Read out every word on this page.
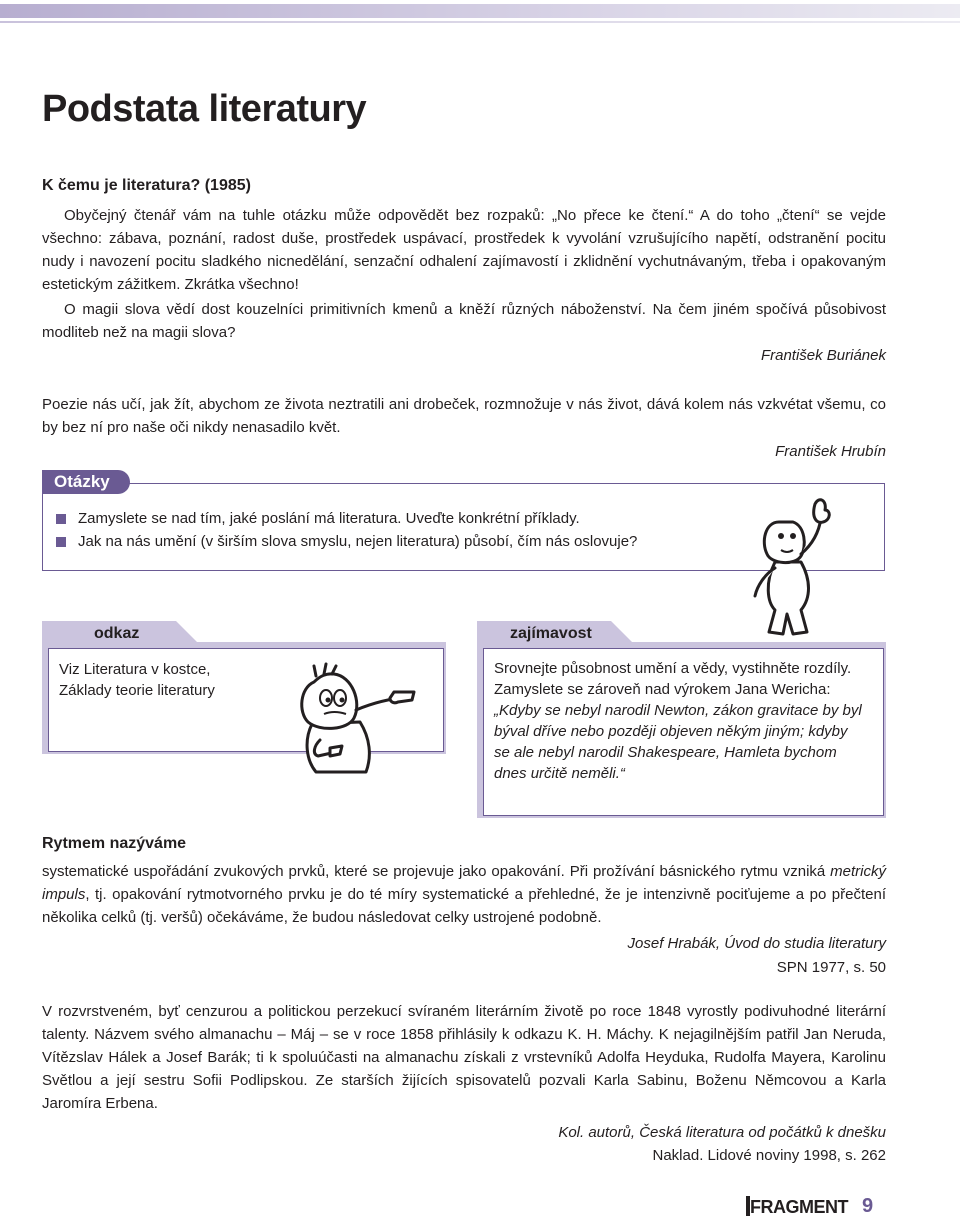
Podstata literatury
K čemu je literatura? (1985)

Obyčejný čtenář vám na tuhle otázku může odpovědět bez rozpaků: „No přece ke čtení.“ A do toho „čtení“ se vejde všechno: zábava, poznání, radost duše, prostředek uspávací, prostředek k vyvolání vzrušujícího napětí, odstranění pocitu nudy i navození pocitu sladkého nicnedělání, senzační odhalení zajímavostí i zklidnění vychutnávaným, třeba i opakovaným estetickým zážitkem. Zkrátka všechno!

O magii slova vědí dost kouzelníci primitivních kmenů a kněží různých náboženství. Na čem jiném spočívá působivost modliteb než na magii slova?

František Buriánek

Poezie nás učí, jak žít, abychom ze života neztratili ani drobeček, rozmnožuje v nás život, dává kolem nás vzkvétat všemu, co by bez ní pro naše oči nikdy nenasadilo květ.

František Hrubín

Otázky
Zamyslete se nad tím, jaké poslání má literatura. Uveďte konkrétní příklady.
Jak na nás umění (v širším slova smyslu, nejen literatura) působí, čím nás oslovuje?
odkaz
Viz Literatura v kostce,
Základy teorie literatury
zajímavost
Srovnejte působnost umění a vědy, vystihněte rozdíly. Zamyslete se zároveň nad výrokem Jana Wericha: „Kdyby se nebyl narodil Newton, zákon gravitace by byl býval dříve nebo později objeven někým jiným; kdyby se ale nebyl narodil Shakespeare, Hamleta bychom dnes určitě neměli.“
Rytmem nazýváme

systematické uspořádání zvukových prvků, které se projevuje jako opakování. Při prožívání básnického rytmu vzniká metrický impuls, tj. opakování rytmotvorného prvku je do té míry systematické a přehledné, že je intenzivně pociťujeme a po přečtení několika celků (tj. veršů) očekáváme, že budou následovat celky ustrojené podobně.

Josef Hrabák, Úvod do studia literatury

SPN 1977, s. 50

V rozvrstveném, byť cenzurou a politickou perzekucí svíraném literárním životě po roce 1848 vyrostly podivuhodné literární talenty. Názvem svého almanachu – Máj – se v roce 1858 přihlásily k odkazu K. H. Máchy. K nejagilnějším patřil Jan Neruda, Vítězslav Hálek a Josef Barák; ti k spoluúčasti na almanachu získali z vrstevníků Adolfa Heyduka, Rudolfa Mayera, Karolinu Světlou a její sestru Sofii Podlipskou. Ze starších žijících spisovatelů pozvali Karla Sabinu, Boženu Němcovou a Karla Jaromíra Erbena.

Kol. autorů, Česká literatura od počátků k dnešku

Naklad. Lidové noviny 1998, s. 262

FRAGMENT 9
